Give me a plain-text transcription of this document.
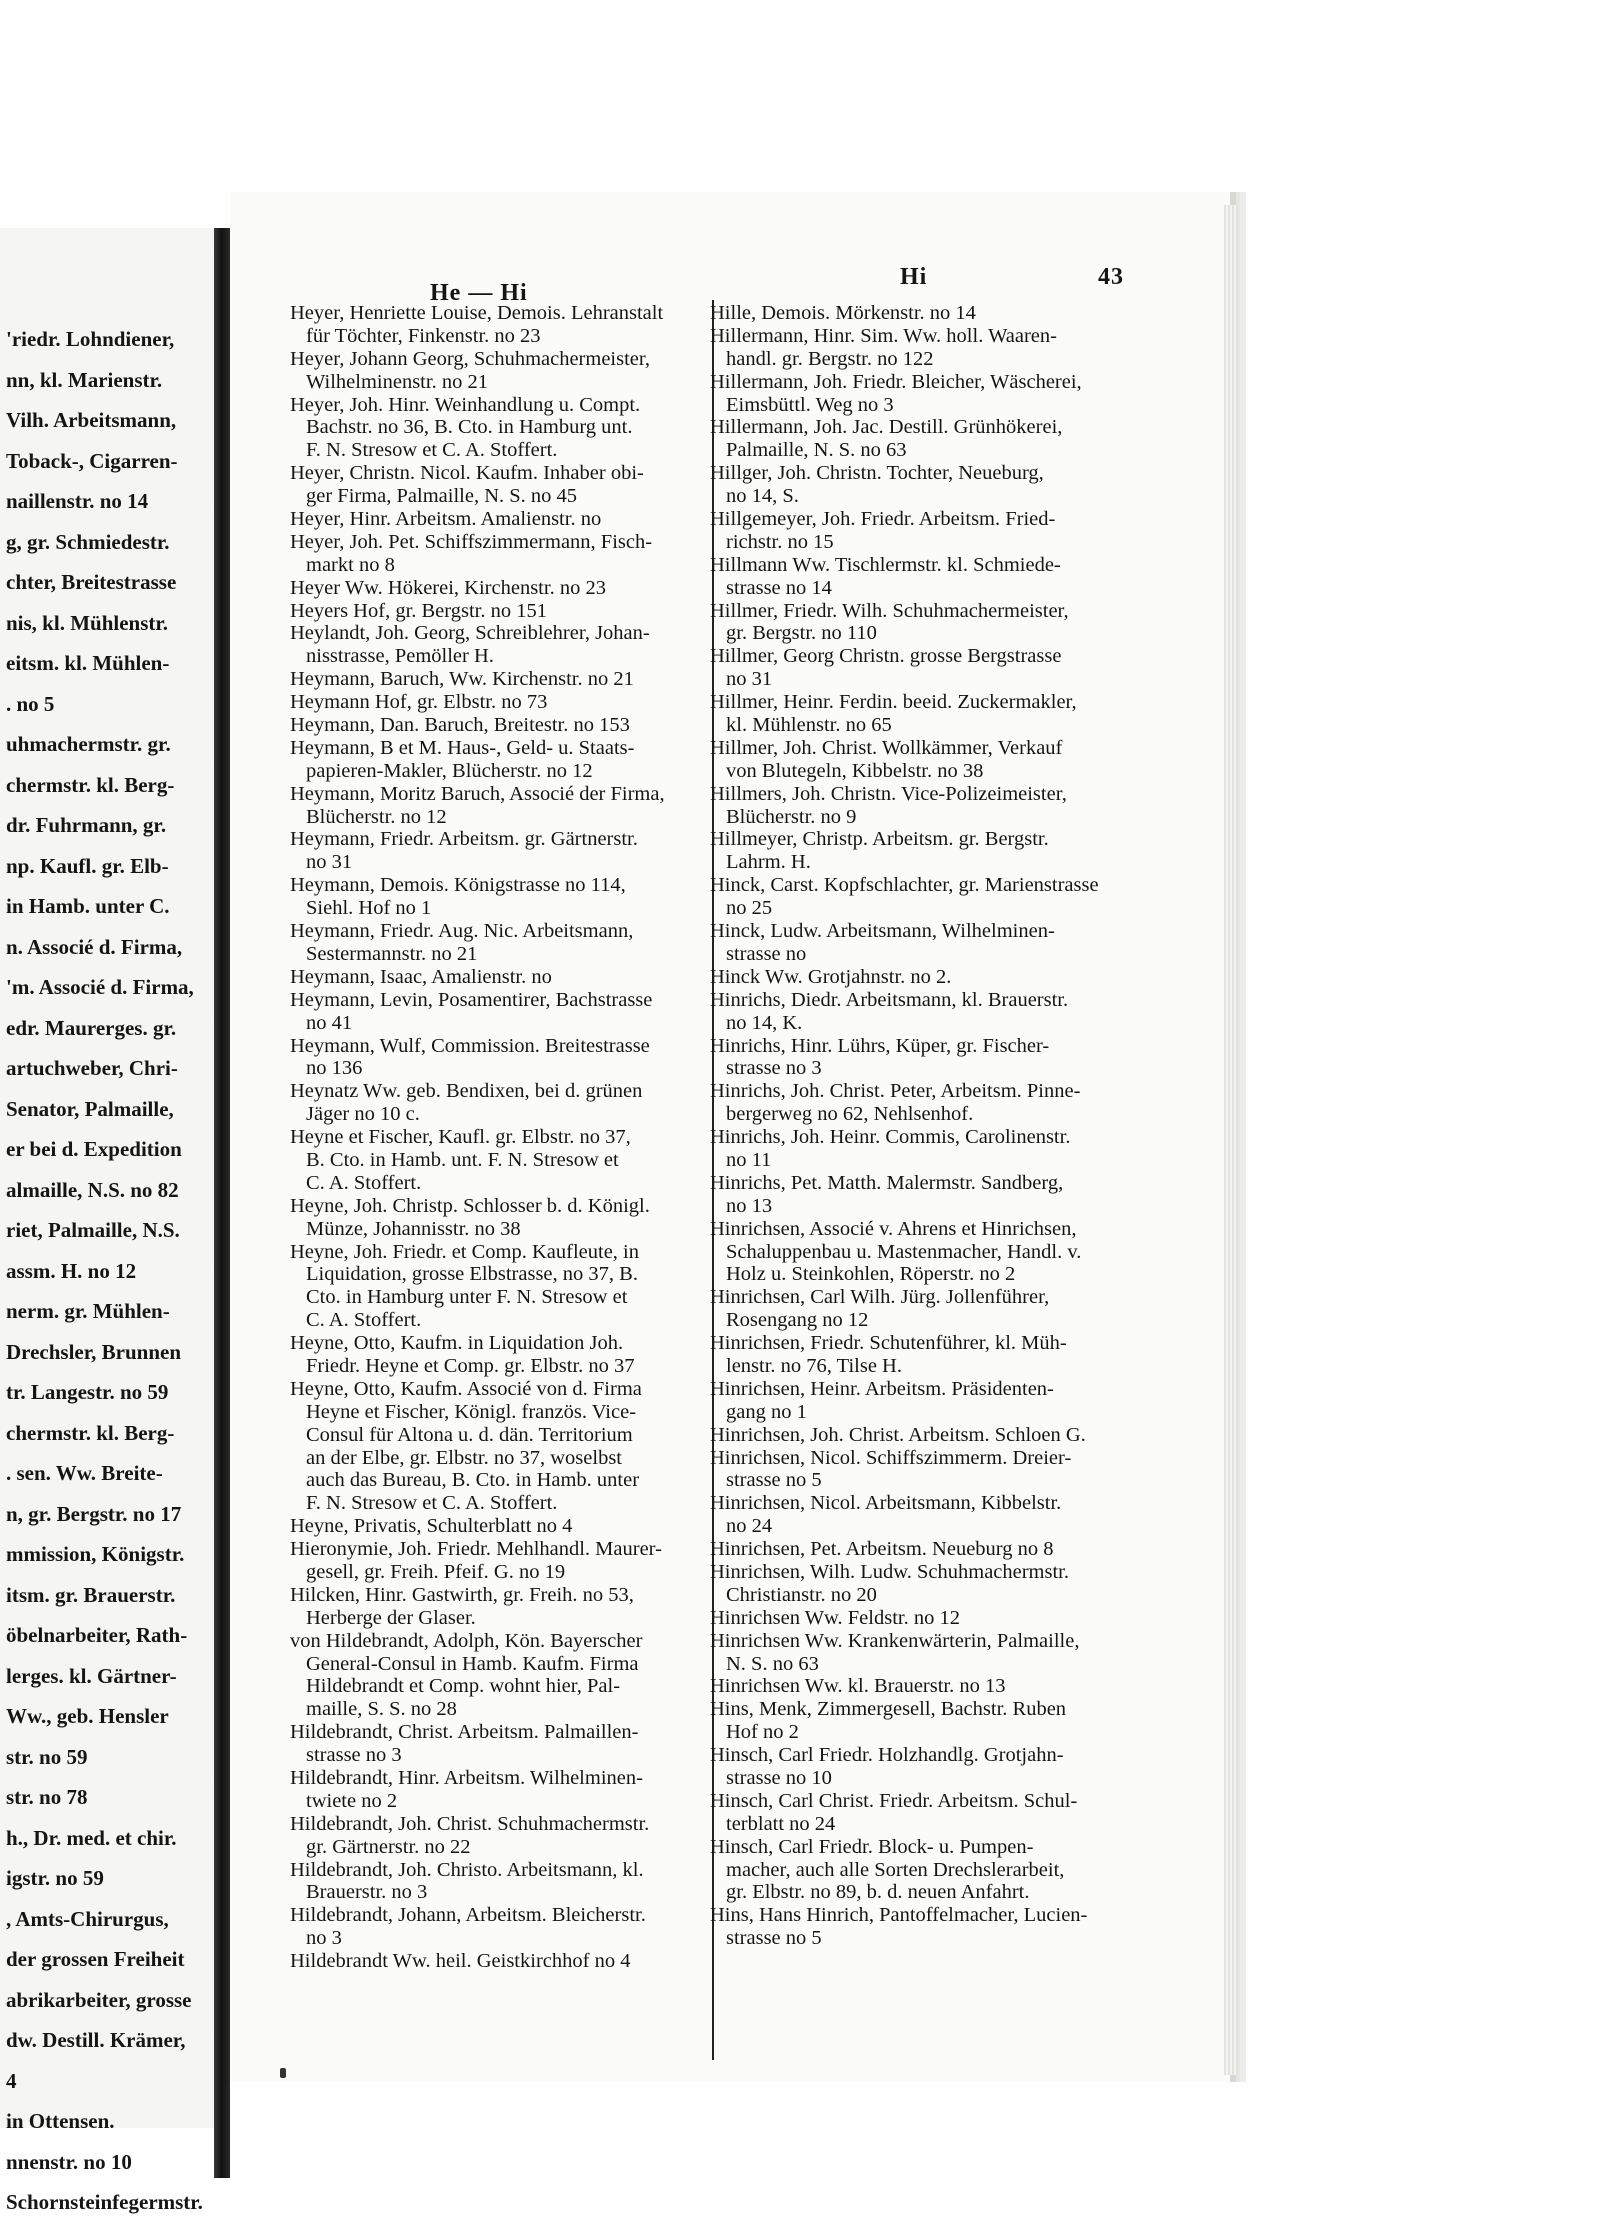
'riedr. Lohndiener,
nn, kl. Marienstr.
Vilh. Arbeitsmann,
Toback-, Cigarren-
naillenstr. no 14
g, gr. Schmiedestr.
chter, Breitestrasse
nis, kl. Mühlenstr.
eitsm. kl. Mühlen-
. no 5
uhmachermstr. gr.
chermstr. kl. Berg-
dr. Fuhrmann, gr.
np. Kaufl. gr. Elb-
in Hamb. unter C.
n. Associé d. Firma,
'm. Associé d. Firma,
edr. Maurerges. gr.
artuchweber, Chri-
Senator, Palmaille,
er bei d. Expedition
almaille, N.S. no 82
riet, Palmaille, N.S.
assm. H. no 12
nerm. gr. Mühlen-
Drechsler, Brunnen
tr. Langestr. no 59
chermstr. kl. Berg-
. sen. Ww. Breite-
n, gr. Bergstr. no 17
mmission, Königstr.
itsm. gr. Brauerstr.
öbelnarbeiter, Rath-
lerges. kl. Gärtner-
Ww., geb. Hensler
str. no 59
str. no 78
h., Dr. med. et chir.
igstr. no 59
, Amts-Chirurgus,
der grossen Freiheit
abrikarbeiter, grosse
dw. Destill. Krämer,
4
in Ottensen.
nnenstr. no 10
Schornsteinfegermstr.
He — Hi
Hi	43
Heyer, Henriette Louise, Demois. Lehranstalt
für Töchter, Finkenstr. no 23
Heyer, Johann Georg, Schuhmachermeister,
Wilhelminenstr. no 21
Heyer, Joh. Hinr. Weinhandlung u. Compt.
Bachstr. no 36, B. Cto. in Hamburg unt.
F. N. Stresow et C. A. Stoffert.
Heyer, Christn. Nicol. Kaufm. Inhaber obi-
ger Firma, Palmaille, N. S. no 45
Heyer, Hinr. Arbeitsm. Amalienstr. no
Heyer, Joh. Pet. Schiffszimmermann, Fisch-
markt no 8
Heyer Ww. Hökerei, Kirchenstr. no 23
Heyers Hof, gr. Bergstr. no 151
Heylandt, Joh. Georg, Schreiblehrer, Johan-
nisstrasse, Pemöller H.
Heymann, Baruch, Ww. Kirchenstr. no 21
Heymann Hof, gr. Elbstr. no 73
Heymann, Dan. Baruch, Breitestr. no 153
Heymann, B et M. Haus-, Geld- u. Staats-
papieren-Makler, Blücherstr. no 12
Heymann, Moritz Baruch, Associé der Firma,
Blücherstr. no 12
Heymann, Friedr. Arbeitsm. gr. Gärtnerstr.
no 31
Heymann, Demois. Königstrasse no 114,
Siehl. Hof no 1
Heymann, Friedr. Aug. Nic. Arbeitsmann,
Sestermannstr. no 21
Heymann, Isaac, Amalienstr. no
Heymann, Levin, Posamentirer, Bachstrasse
no 41
Heymann, Wulf, Commission. Breitestrasse
no 136
Heynatz Ww. geb. Bendixen, bei d. grünen
Jäger no 10 c.
Heyne et Fischer, Kaufl. gr. Elbstr. no 37,
B. Cto. in Hamb. unt. F. N. Stresow et
C. A. Stoffert.
Heyne, Joh. Christp. Schlosser b. d. Königl.
Münze, Johannisstr. no 38
Heyne, Joh. Friedr. et Comp. Kaufleute, in
Liquidation, grosse Elbstrasse, no 37, B.
Cto. in Hamburg unter F. N. Stresow et
C. A. Stoffert.
Heyne, Otto, Kaufm. in Liquidation Joh.
Friedr. Heyne et Comp. gr. Elbstr. no 37
Heyne, Otto, Kaufm. Associé von d. Firma
Heyne et Fischer, Königl. französ. Vice-
Consul für Altona u. d. dän. Territorium
an der Elbe, gr. Elbstr. no 37, woselbst
auch das Bureau, B. Cto. in Hamb. unter
F. N. Stresow et C. A. Stoffert.
Heyne, Privatis, Schulterblatt no 4
Hieronymie, Joh. Friedr. Mehlhandl. Maurer-
gesell, gr. Freih. Pfeif. G. no 19
Hilcken, Hinr. Gastwirth, gr. Freih. no 53,
Herberge der Glaser.
von Hildebrandt, Adolph, Kön. Bayerscher
General-Consul in Hamb. Kaufm. Firma
Hildebrandt et Comp. wohnt hier, Pal-
maille, S. S. no 28
Hildebrandt, Christ. Arbeitsm. Palmaillen-
strasse no 3
Hildebrandt, Hinr. Arbeitsm. Wilhelminen-
twiete no 2
Hildebrandt, Joh. Christ. Schuhmachermstr.
gr. Gärtnerstr. no 22
Hildebrandt, Joh. Christo. Arbeitsmann, kl.
Brauerstr. no 3
Hildebrandt, Johann, Arbeitsm. Bleicherstr.
no 3
Hildebrandt Ww. heil. Geistkirchhof no 4
Hille, Demois. Mörkenstr. no 14
Hillermann, Hinr. Sim. Ww. holl. Waaren-
handl. gr. Bergstr. no 122
Hillermann, Joh. Friedr. Bleicher, Wäscherei,
Eimsbüttl. Weg no 3
Hillermann, Joh. Jac. Destill. Grünhökerei,
Palmaille, N. S. no 63
Hillger, Joh. Christn. Tochter, Neueburg,
no 14, S.
Hillgemeyer, Joh. Friedr. Arbeitsm. Fried-
richstr. no 15
Hillmann Ww. Tischlermstr. kl. Schmiede-
strasse no 14
Hillmer, Friedr. Wilh. Schuhmachermeister,
gr. Bergstr. no 110
Hillmer, Georg Christn. grosse Bergstrasse
no 31
Hillmer, Heinr. Ferdin. beeid. Zuckermakler,
kl. Mühlenstr. no 65
Hillmer, Joh. Christ. Wollkämmer, Verkauf
von Blutegeln, Kibbelstr. no 38
Hillmers, Joh. Christn. Vice-Polizeimeister,
Blücherstr. no 9
Hillmeyer, Christp. Arbeitsm. gr. Bergstr.
Lahrm. H.
Hinck, Carst. Kopfschlachter, gr. Marienstrasse
no 25
Hinck, Ludw. Arbeitsmann, Wilhelminen-
strasse no
Hinck Ww. Grotjahnstr. no 2.
Hinrichs, Diedr. Arbeitsmann, kl. Brauerstr.
no 14, K.
Hinrichs, Hinr. Lührs, Küper, gr. Fischer-
strasse no 3
Hinrichs, Joh. Christ. Peter, Arbeitsm. Pinne-
bergerweg no 62, Nehlsenhof.
Hinrichs, Joh. Heinr. Commis, Carolinenstr.
no 11
Hinrichs, Pet. Matth. Malermstr. Sandberg,
no 13
Hinrichsen, Associé v. Ahrens et Hinrichsen,
Schaluppenbau u. Mastenmacher, Handl. v.
Holz u. Steinkohlen, Röperstr. no 2
Hinrichsen, Carl Wilh. Jürg. Jollenführer,
Rosengang no 12
Hinrichsen, Friedr. Schutenführer, kl. Müh-
lenstr. no 76, Tilse H.
Hinrichsen, Heinr. Arbeitsm. Präsidenten-
gang no 1
Hinrichsen, Joh. Christ. Arbeitsm. Schloen G.
Hinrichsen, Nicol. Schiffszimmerm. Dreier-
strasse no 5
Hinrichsen, Nicol. Arbeitsmann, Kibbelstr.
no 24
Hinrichsen, Pet. Arbeitsm. Neueburg no 8
Hinrichsen, Wilh. Ludw. Schuhmachermstr.
Christianstr. no 20
Hinrichsen Ww. Feldstr. no 12
Hinrichsen Ww. Krankenwärterin, Palmaille,
N. S. no 63
Hinrichsen Ww. kl. Brauerstr. no 13
Hins, Menk, Zimmergesell, Bachstr. Ruben
Hof no 2
Hinsch, Carl Friedr. Holzhandlg. Grotjahn-
strasse no 10
Hinsch, Carl Christ. Friedr. Arbeitsm. Schul-
terblatt no 24
Hinsch, Carl Friedr. Block- u. Pumpen-
macher, auch alle Sorten Drechslerarbeit,
gr. Elbstr. no 89, b. d. neuen Anfahrt.
Hins, Hans Hinrich, Pantoffelmacher, Lucien-
strasse no 5
